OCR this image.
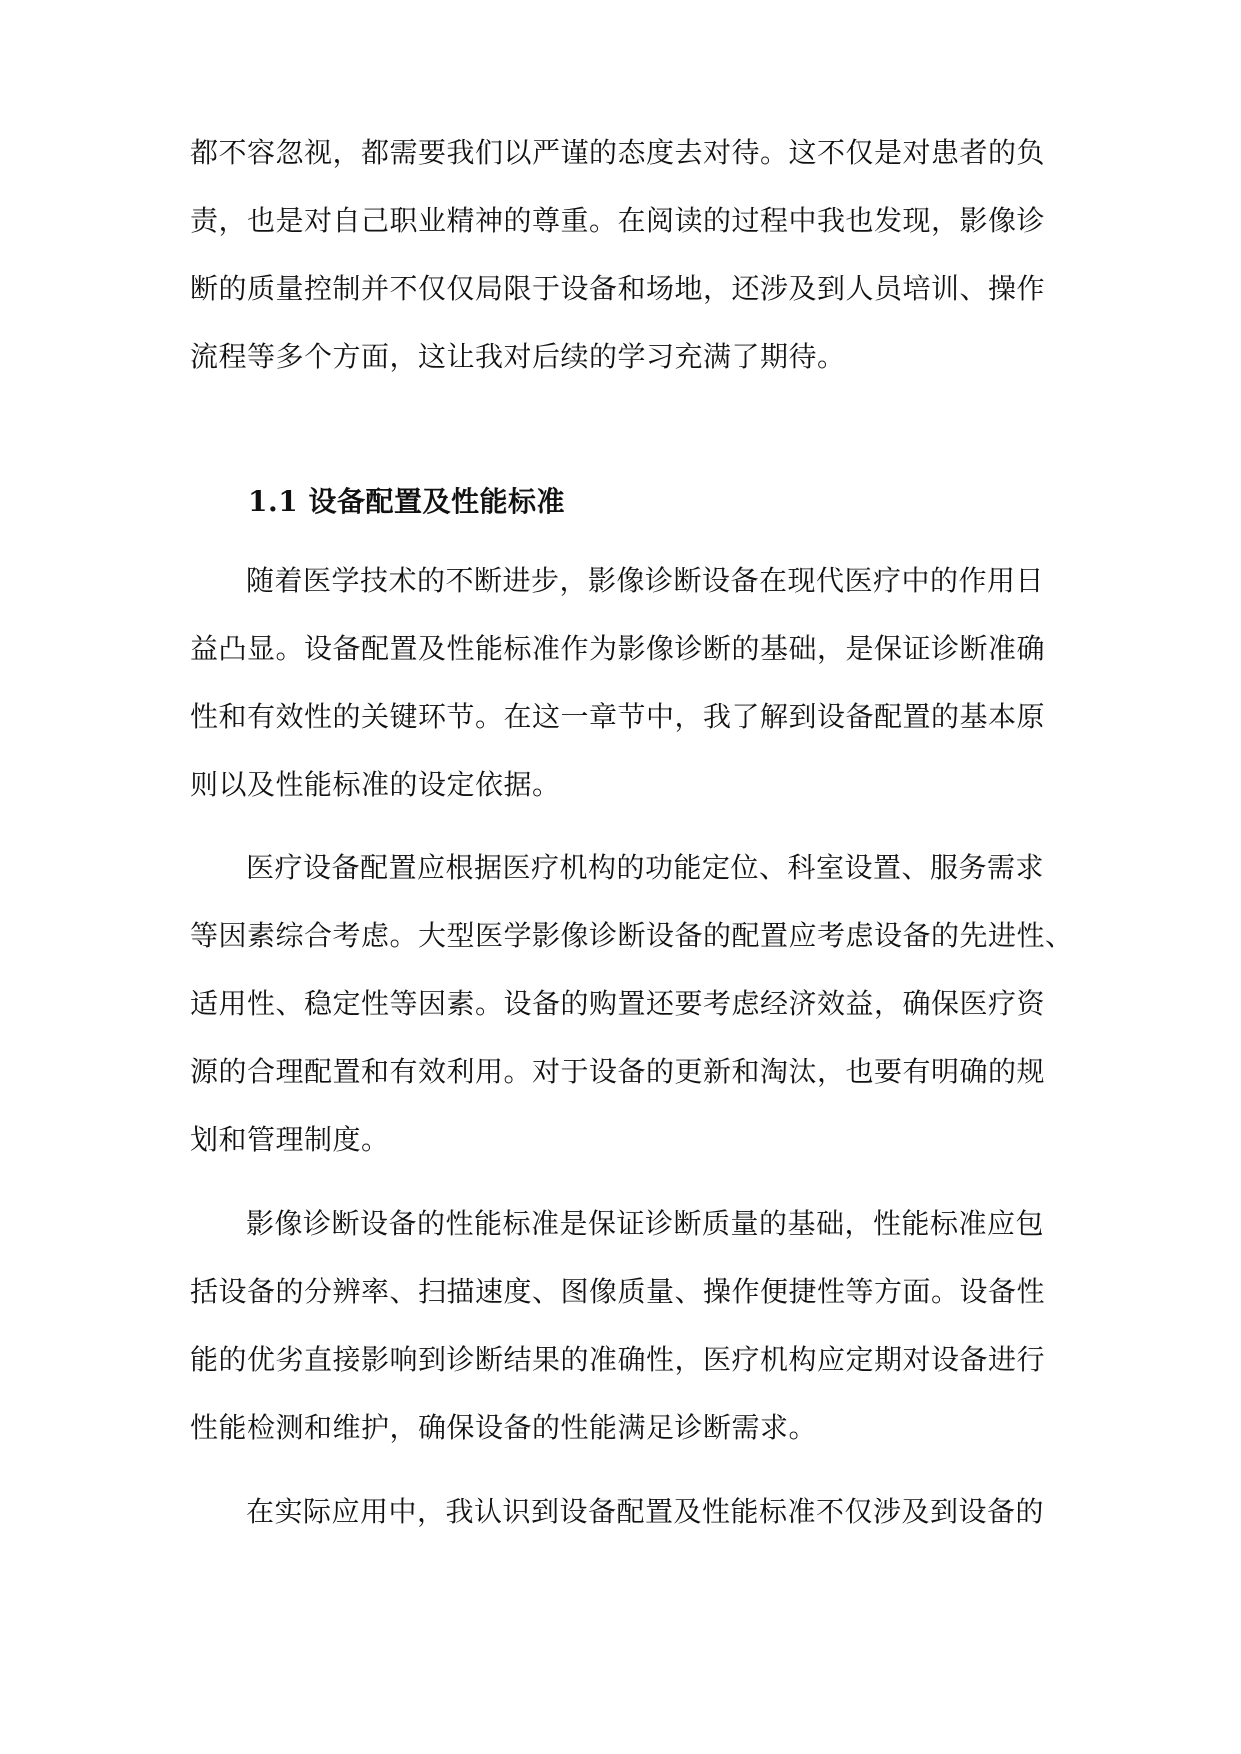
都不容忽视，都需要我们以严谨的态度去对待。这不仅是对患者的负
责，也是对自己职业精神的尊重。在阅读的过程中我也发现，影像诊
断的质量控制并不仅仅局限于设备和场地，还涉及到人员培训、操作
流程等多个方面，这让我对后续的学习充满了期待。
1.1 设备配置及性能标准
随着医学技术的不断进步，影像诊断设备在现代医疗中的作用日
益凸显。设备配置及性能标准作为影像诊断的基础，是保证诊断准确
性和有效性的关键环节。在这一章节中，我了解到设备配置的基本原
则以及性能标准的设定依据。
医疗设备配置应根据医疗机构的功能定位、科室设置、服务需求
等因素综合考虑。大型医学影像诊断设备的配置应考虑设备的先进性、
适用性、稳定性等因素。设备的购置还要考虑经济效益，确保医疗资
源的合理配置和有效利用。对于设备的更新和淘汰，也要有明确的规
划和管理制度。
影像诊断设备的性能标准是保证诊断质量的基础，性能标准应包
括设备的分辨率、扫描速度、图像质量、操作便捷性等方面。设备性
能的优劣直接影响到诊断结果的准确性，医疗机构应定期对设备进行
性能检测和维护，确保设备的性能满足诊断需求。
在实际应用中，我认识到设备配置及性能标准不仅涉及到设备的
